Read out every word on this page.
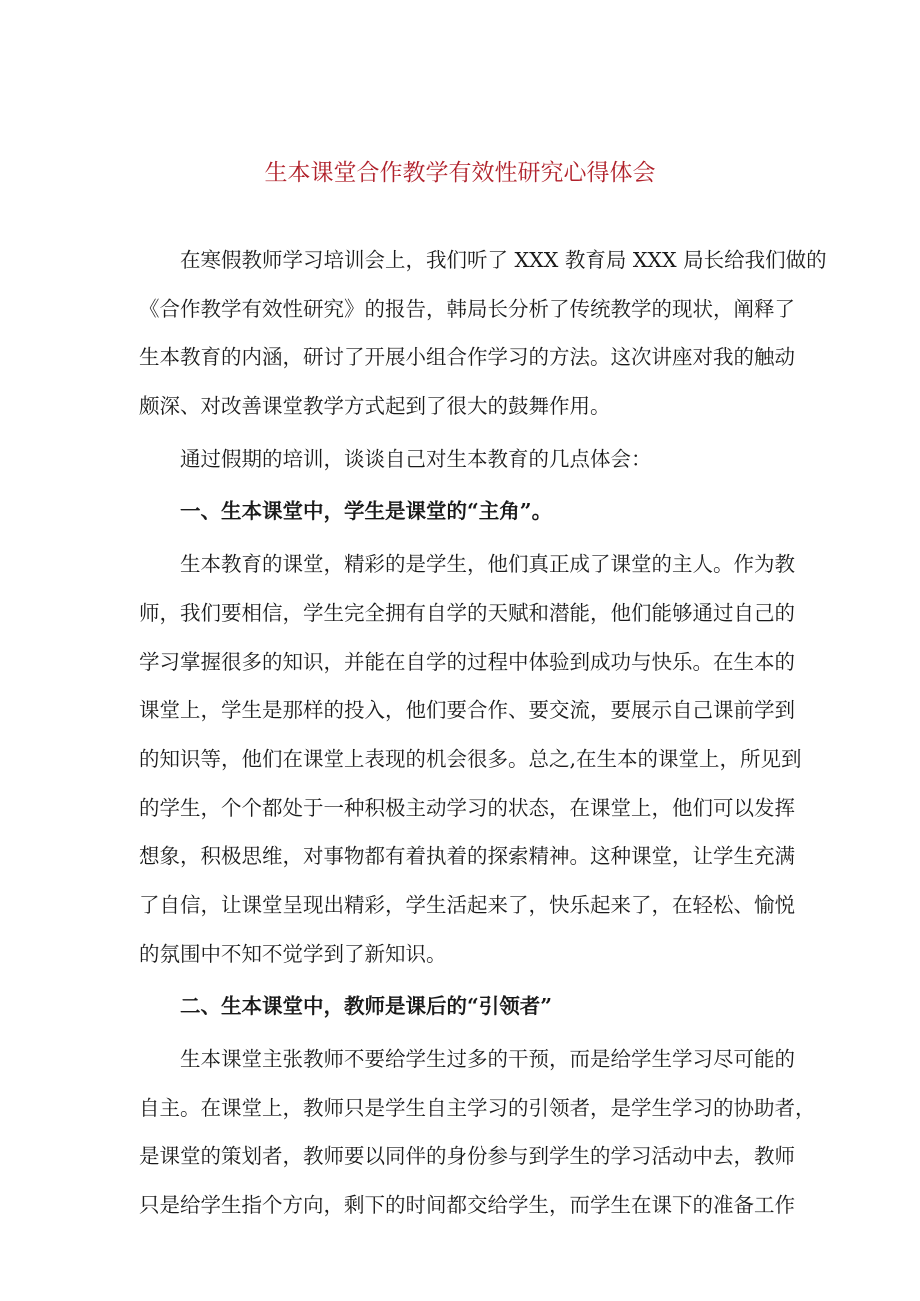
生本课堂合作教学有效性研究心得体会
在寒假教师学习培训会上，我们听了 XXX 教育局 XXX 局长给我们做的
《合作教学有效性研究》的报告，韩局长分析了传统教学的现状，阐释了
生本教育的内涵，研讨了开展小组合作学习的方法。这次讲座对我的触动
颇深、对改善课堂教学方式起到了很大的鼓舞作用。
通过假期的培训，谈谈自己对生本教育的几点体会：
一、生本课堂中，学生是课堂的“主角”。
生本教育的课堂，精彩的是学生，他们真正成了课堂的主人。作为教
师，我们要相信，学生完全拥有自学的天赋和潜能，他们能够通过自己的
学习掌握很多的知识，并能在自学的过程中体验到成功与快乐。在生本的
课堂上，学生是那样的投入，他们要合作、要交流，要展示自己课前学到
的知识等，他们在课堂上表现的机会很多。总之,在生本的课堂上，所见到
的学生，个个都处于一种积极主动学习的状态，在课堂上，他们可以发挥
想象，积极思维，对事物都有着执着的探索精神。这种课堂，让学生充满
了自信，让课堂呈现出精彩，学生活起来了，快乐起来了，在轻松、愉悦
的氛围中不知不觉学到了新知识。
二、生本课堂中，教师是课后的“引领者”
生本课堂主张教师不要给学生过多的干预，而是给学生学习尽可能的
自主。在课堂上，教师只是学生自主学习的引领者，是学生学习的协助者，
是课堂的策划者，教师要以同伴的身份参与到学生的学习活动中去，教师
只是给学生指个方向，剩下的时间都交给学生，而学生在课下的准备工作
